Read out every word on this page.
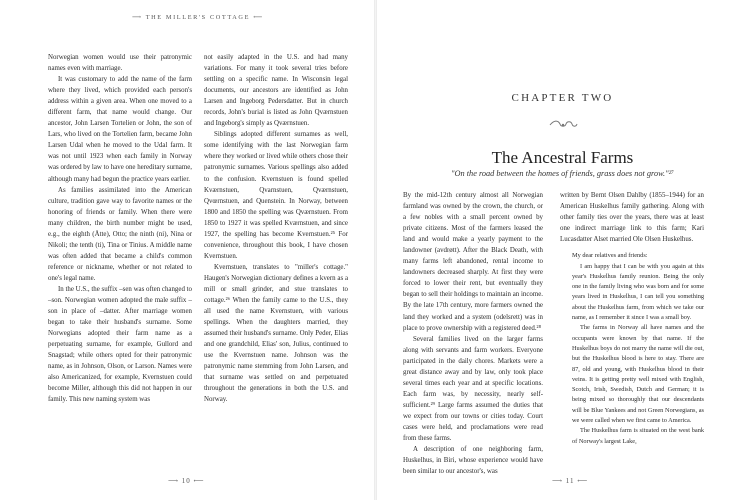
⟶ THE MILLER'S COTTAGE ⟵

Norwegian women would use their patronymic names even with marriage.

It was customary to add the name of the farm where they lived, which provided each person's address within a given area. When one moved to a different farm, that name would change. Our ancestor, John Larsen Tortelien or John, the son of Lars, who lived on the Tortelien farm, became John Larsen Udal when he moved to the Udal farm. It was not until 1923 when each family in Norway was ordered by law to have one hereditary surname, although many had begun the practice years earlier.

As families assimilated into the American culture, tradition gave way to favorite names or the honoring of friends or family. When there were many children, the birth number might be used, e.g., the eighth (Åtte), Otto; the ninth (ni), Nina or Nikoli; the tenth (ti), Tina or Tinius. A middle name was often added that became a child's common reference or nickname, whether or not related to one's legal name.

In the U.S., the suffix –sen was often changed to –son. Norwegian women adopted the male suffix –son in place of –datter. After marriage women began to take their husband's surname. Some Norwegians adopted their farm name as a perpetuating surname, for example, Gullord and Snagstad; while others opted for their patronymic name, as in Johnson, Olson, or Larson. Names were also Americanized, for example, Kvernstuen could become Miller, although this did not happen in our family. This new naming system was

not easily adapted in the U.S. and had many variations. For many it took several tries before settling on a specific name. In Wisconsin legal documents, our ancestors are identified as John Larsen and Ingeborg Pedersdatter. But in church records, John's burial is listed as John Qværnstuen and Ingeborg's simply as Qværnstuen.

Siblings adopted different surnames as well, some identifying with the last Norwegian farm where they worked or lived while others chose their patronymic surnames. Various spellings also added to the confusion. Kvernstuen is found spelled Kværnstuen, Qvarnstuen, Qværnstuen, Qvœrnstuen, and Quenstein. In Norway, between 1800 and 1850 the spelling was Qværnstuen. From 1850 to 1927 it was spelled Kværnstuen, and since 1927, the spelling has become Kvernstuen.²⁵ For convenience, throughout this book, I have chosen Kvernstuen.

Kvernstuen, translates to "miller's cottage." Haugen's Norwegian dictionary defines a kvern as a mill or small grinder, and stue translates to cottage.²⁶ When the family came to the U.S., they all used the name Kvernstuen, with various spellings. When the daughters married, they assumed their husband's surname. Only Peder, Elias and one grandchild, Elias' son, Julius, continued to use the Kvernstuen name. Johnson was the patronymic name stemming from John Larsen, and that surname was settled on and perpetuated throughout the generations in both the U.S. and Norway.

⟶ 10 ⟵
CHAPTER TWO
The Ancestral Farms
"On the road between the homes of friends, grass does not grow."²⁷

By the mid-12th century almost all Norwegian farmland was owned by the crown, the church, or a few nobles with a small percent owned by private citizens. Most of the farmers leased the land and would make a yearly payment to the landowner (avdrøtt). After the Black Death, with many farms left abandoned, rental income to landowners decreased sharply. At first they were forced to lower their rent, but eventually they began to sell their holdings to maintain an income. By the late 17th century, more farmers owned the land they worked and a system (odelsrett) was in place to prove ownership with a registered deed.²⁸

Several families lived on the larger farms along with servants and farm workers. Everyone participated in the daily chores. Markets were a great distance away and by law, only took place several times each year and at specific locations. Each farm was, by necessity, nearly self-sufficient.²⁹ Large farms assumed the duties that we expect from our towns or cities today. Court cases were held, and proclamations were read from these farms.

A description of one neighboring farm, Huskelhus, in Biri, whose experience would have been similar to our ancestor's, was

written by Bernt Olsen Dahlby (1855–1944) for an American Huskelhus family gathering. Along with other family ties over the years, there was at least one indirect marriage link to this farm; Kari Lucasdatter Alset married Ole Olsen Huskelhus.

My dear relatives and friends:

I am happy that I can be with you again at this year's Huskelhus family reunion. Being the only one in the family living who was born and for some years lived in Huskelhus, I can tell you something about the Huskelhus farm, from which we take our name, as I remember it since I was a small boy.

The farms in Norway all have names and the occupants were known by that name. If the Huskelhus boys do not marry the name will die out, but the Huskelhus blood is here to stay. There are 87, old and young, with Huskelhus blood in their veins. It is getting pretty well mixed with English, Scotch, Irish, Swedish, Dutch and German; it is being mixed so thoroughly that our descendants will be Blue Yankees and not Green Norwegians, as we were called when we first came to America.

The Huskelhus farm is situated on the west bank of Norway's largest Lake,

⟶ 11 ⟵
